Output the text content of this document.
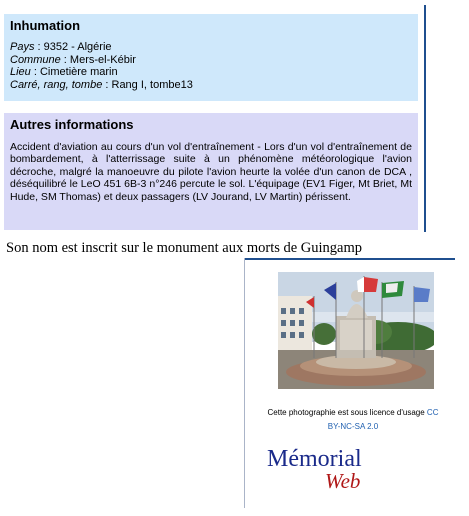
Inhumation
Pays : 9352 - Algérie
Commune : Mers-el-Kébir
Lieu : Cimetière marin
Carré, rang, tombe : Rang I, tombe13
Autres informations
Accident d'aviation au cours d'un vol d'entraînement - Lors d'un vol d'entraînement de bombardement, à l'atterrissage suite à un phénomène météorologique l'avion décroche, malgré la manoeuvre du pilote l'avion heurte la volée d'un canon de DCA , déséquilibré le LeO 451 6B-3 n°246 percute le sol. L'équipage (EV1 Figer, Mt Briet, Mt Hude, SM Thomas) et deux passagers (LV Jourand, LV Martin) périssent.
Son nom est inscrit sur le monument aux morts de Guingamp
Cette photographie est sous licence d'usage CC
BY-NC-SA 2.0
Mémorial
Web
